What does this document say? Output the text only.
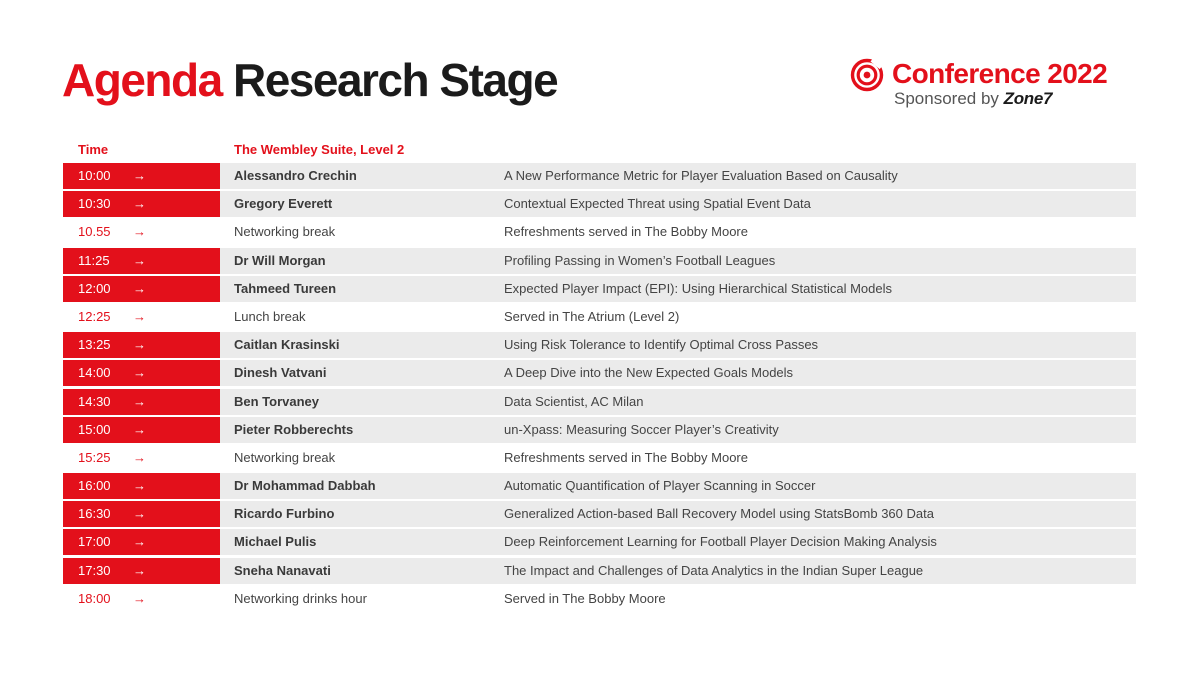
Agenda Research Stage	Conference 2022
Sponsored by Zone7
Time	The Wembley Suite, Level 2
10:00 →	Alessandro Crechin	A New Performance Metric for Player Evaluation Based on Causality
10:30 →	Gregory Everett	Contextual Expected Threat using Spatial Event Data
10.55 →	Networking break	Refreshments served in The Bobby Moore
11:25 →	Dr Will Morgan	Profiling Passing in Women’s Football Leagues
12:00 →	Tahmeed Tureen	Expected Player Impact (EPI): Using Hierarchical Statistical Models
12:25 →	Lunch break	Served in The Atrium (Level 2)
13:25 →	Caitlan Krasinski	Using Risk Tolerance to Identify Optimal Cross Passes
14:00 →	Dinesh Vatvani	A Deep Dive into the New Expected Goals Models
14:30 →	Ben Torvaney	Data Scientist, AC Milan
15:00 →	Pieter Robberechts	un-Xpass: Measuring Soccer Player’s Creativity
15:25 →	Networking break	Refreshments served in The Bobby Moore
16:00 →	Dr Mohammad Dabbah	Automatic Quantification of Player Scanning in Soccer
16:30 →	Ricardo Furbino	Generalized Action-based Ball Recovery Model using StatsBomb 360 Data
17:00 →	Michael Pulis	Deep Reinforcement Learning for Football Player Decision Making Analysis
17:30 →	Sneha Nanavati	The Impact and Challenges of Data Analytics in the Indian Super League
18:00 →	Networking drinks hour	Served in The Bobby Moore
